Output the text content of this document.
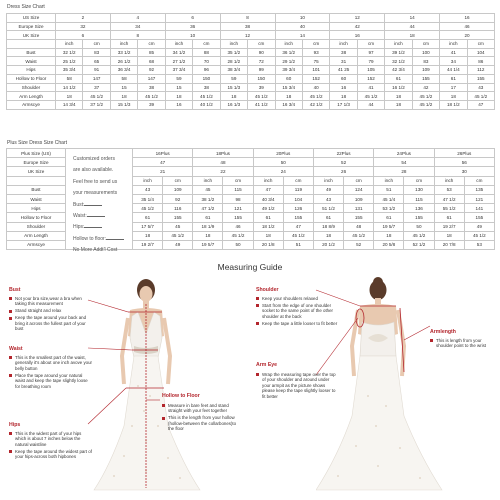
Dress Size Chart
US Size	2		4		6		8		10		12		14		16	
Europe Size	32		34		36		38		40		42		44		46	
UK Size	6		8		10		12		14		16		18		20	
	inch	cm	inch	cm	inch	cm	inch	cm	inch	cm	inch	cm	inch	cm	inch	cm
Bust	32 1/2	83	33 1/2	85	34 1/2	88	35 1/2	90	36 1/2	93	38	97	39 1/2	100	41	104
Waist	25 1/2	65	26 1/2	68	27 1/2	70	28 1/2	72	29 1/2	75	31	79	32 1/2	83	34	86
Hips	35 3/4	91	36 3/4	92	37 3/4	96	38 3/4	99	39 3/4	101	41 25	105	42 3/4	109	44 1/4	112
Hollow to Floor	58	147	58	147	59	150	59	150	60	152	60	152	61	155	61	155
Shoulder	14 1/2	37	15	38	15	38	15 1/3	39	15 3/4	40	16	41	16 1/2	42	17	43
Arm Length	18	45 1/2	18	45 1/2	18	45 1/2	18	45 1/2	18	45 1/2	18	45 1/2	18	45 1/2	18	45 1/2
Armscye	14 3/4	37 1/2	15 1/3	39	16	40 1/2	16 1/3	41 1/2	16 3/4	42 1/2	17 1/3	44	18	45 1/2	18 1/2	47
Plus Size Dress Size Chart
Plus Size (US)		16Plus		18Plus		20Plus		22Plus		24Plus		26Plus	
Europe Size		47		48		50		52		54		56	
UK Size		21		22		24		26		28		30	
		inch	cm	inch	cm	inch	cm	inch	cm	inch	cm	inch	cm
Bust		43	109	45	115	47	119	49	124	51	130	53	135
Waist		35 1/4	92	38 1/2	98	40 3/4	104	43	109	45 1/4	115	47 1/2	121
Hips		45 1/2	116	47 1/2	121	49 1/2	126	51 1/2	131	53 1/2	136	55 1/2	141
Hollow to Floor		61	155	61	155	61	155	61	155	61	155	61	155
Shoulder		17 5/7	45	18 1/9	46	18 1/2	47	18 8/9	48	19 5/7	50	19 2/7	49
Arm Length		18	45 1/2	18	45 1/2	18	45 1/2	18	45 1/2	18	45 1/2	18	45 1/2
Armscye		19 2/7	49	19 5/7	50	20 1/8	51	20 1/2	52	20 5/8	52 1/2	20 7/8	53
Measuring Guide
Bust
Not your bra size,wear a bra when taking this measurement
Stand straight and relax
Keep the tape around your back and bring it across the fullest part of your bust
Waist
This is the smallest part of the waist, generally it's about one inch avove your belly button
Place the tape around your natural waist and keep the tape slightly loose for breathing room
Hips
This is the widest part of your hips which is about 7 inches below the natural waistline
Keep the tape around the widest part of your hips-across both hipbones
Hollow to Floor
Measure in bare feet and stand straight with your feet together
This is the length from your hollow (hollow-between the collarbones)to the floor
Shoulder
Keep your shoulders relaxed
Start from the edge of one shoulder socket to the same point of the other shoulder at the back
Keep the tape a little looser to fit better
Armlength
This is length from your shoulder point to the wrist
Arm Eye
Wrap the measuring tape over the top of your shoulder and around under your armpit as the picture shows please keep the tape slightly looser to fit better
Customized orders
are also available.
Feel free to send us
your measurements
Bust:
Waist:
Hips:
Hollow to floor:
No More Addt'l Cost
